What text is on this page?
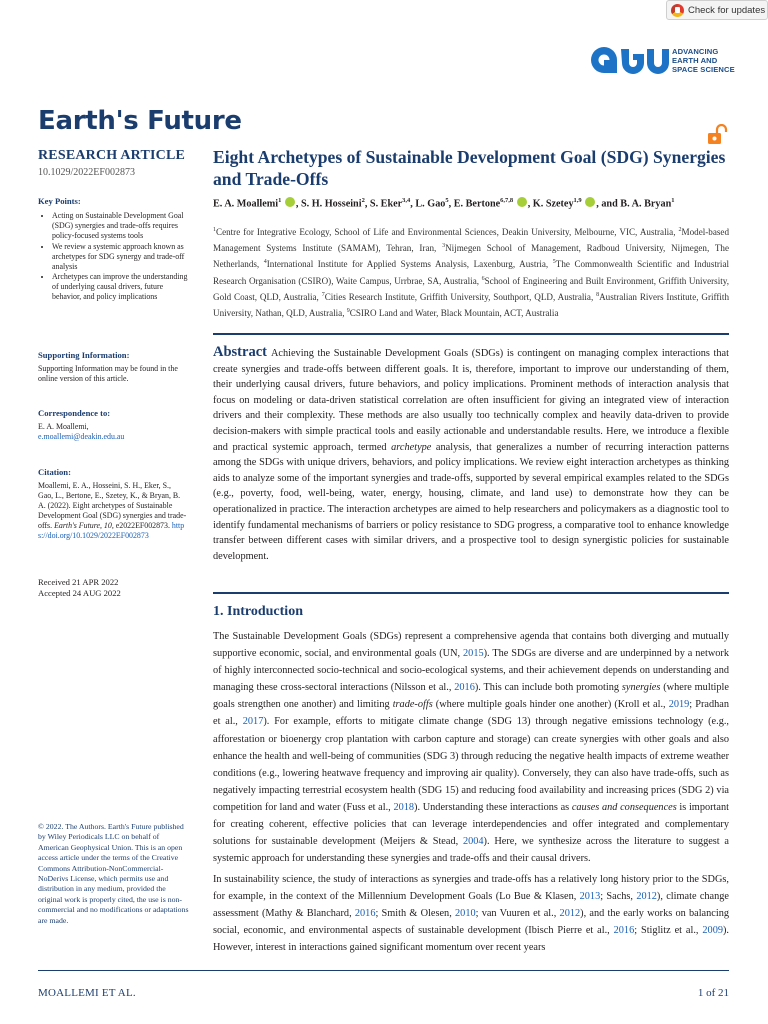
Check for updates
ADVANCING
EARTH AND
SPACE SCIENCE
Earth's Future
RESEARCH ARTICLE
10.1029/2022EF002873
Key Points:
• Acting on Sustainable Development Goal (SDG) synergies and trade-offs requires policy-focused systems tools
• We review a systemic approach known as archetypes for SDG synergy and trade-off analysis
• Archetypes can improve the understanding of underlying causal drivers, future behavior, and policy implications
Supporting Information:
Supporting Information may be found in the online version of this article.
Correspondence to:
E. A. Moallemi,
e.moallemi@deakin.edu.au
Citation:
Moallemi, E. A., Hosseini, S. H., Eker, S., Gao, L., Bertone, E., Szetey, K., & Bryan, B. A. (2022). Eight archetypes of Sustainable Development Goal (SDG) synergies and trade-offs. Earth's Future, 10, e2022EF002873. https://doi.org/10.1029/2022EF002873
Received 21 APR 2022
Accepted 24 AUG 2022
© 2022. The Authors. Earth's Future published by Wiley Periodicals LLC on behalf of American Geophysical Union. This is an open access article under the terms of the Creative Commons Attribution-NonCommercial-NoDerivs License, which permits use and distribution in any medium, provided the original work is properly cited, the use is non-commercial and no modifications or adaptations are made.
Eight Archetypes of Sustainable Development Goal (SDG) Synergies and Trade-Offs
E. A. Moallemi$^1$ , S. H. Hosseini$^2$, S. Eker$^{3,4}$, L. Gao$^5$, E. Bertone$^{6,7,8}$ , K. Szetey$^{1,9}$ , and B. A. Bryan$^1$
$^1$Centre for Integrative Ecology, School of Life and Environmental Sciences, Deakin University, Melbourne, VIC, Australia, $^2$Model-based Management Systems Institute (SAMAM), Tehran, Iran, $^3$Nijmegen School of Management, Radboud University, Nijmegen, The Netherlands, $^4$International Institute for Applied Systems Analysis, Laxenburg, Austria, $^5$The Commonwealth Scientific and Industrial Research Organisation (CSIRO), Waite Campus, Urrbrae, SA, Australia, $^6$School of Engineering and Built Environment, Griffith University, Gold Coast, QLD, Australia, $^7$Cities Research Institute, Griffith University, Southport, QLD, Australia, $^8$Australian Rivers Institute, Griffith University, Nathan, QLD, Australia, $^9$CSIRO Land and Water, Black Mountain, ACT, Australia
Abstract Achieving the Sustainable Development Goals (SDGs) is contingent on managing complex interactions that create synergies and trade-offs between different goals. It is, therefore, important to improve our understanding of them, their underlying causal drivers, future behaviors, and policy implications. Prominent methods of interaction analysis that focus on modeling or data-driven statistical correlation are often insufficient for giving an integrated view of interaction drivers and their complexity. These methods are also usually too technically complex and heavily data-driven to provide decision-makers with simple practical tools and easily actionable and understandable results. Here, we introduce a flexible and practical systemic approach, termed archetype analysis, that generalizes a number of recurring interaction patterns among the SDGs with unique drivers, behaviors, and policy implications. We review eight interaction archetypes as thinking aids to analyze some of the important synergies and trade-offs, supported by several empirical examples related to the SDGs (e.g., poverty, food, well-being, water, energy, housing, climate, and land use) to demonstrate how they can be operationalized in practice. The interaction archetypes are aimed to help researchers and policymakers as a diagnostic tool to identify fundamental mechanisms of barriers or policy resistance to SDG progress, a comparative tool to enhance knowledge transfer between different cases with similar drivers, and a prospective tool to design synergistic policies for sustainable development.
1. Introduction
The Sustainable Development Goals (SDGs) represent a comprehensive agenda that contains both diverging and mutually supportive economic, social, and environmental goals (UN, 2015). The SDGs are diverse and are underpinned by a network of highly interconnected socio-technical and socio-ecological systems, and their achievement depends on understanding and managing these cross-sectoral interactions (Nilsson et al., 2016). This can include both promoting synergies (where multiple goals strengthen one another) and limiting trade-offs (where multiple goals hinder one another) (Kroll et al., 2019; Pradhan et al., 2017). For example, efforts to mitigate climate change (SDG 13) through negative emissions technology (e.g., afforestation or bioenergy crop plantation with carbon capture and storage) can create synergies with other goals and also enhance the health and well-being of communities (SDG 3) through reducing the negative health impacts of extreme weather conditions (e.g., lowering heatwave frequency and improving air quality). Conversely, they can also have trade-offs, such as negatively impacting terrestrial ecosystem health (SDG 15) and reducing food availability and increasing prices (SDG 2) via competition for land and water (Fuss et al., 2018). Understanding these interactions as causes and consequences is important for creating coherent, effective policies that can leverage interdependencies and offer integrated and complementary solutions for sustainable development (Meijers & Stead, 2004). Here, we synthesize across the literature to suggest a systemic approach for understanding these synergies and trade-offs and their causal drivers.
In sustainability science, the study of interactions as synergies and trade-offs has a relatively long history prior to the SDGs, for example, in the context of the Millennium Development Goals (Lo Bue & Klasen, 2013; Sachs, 2012), climate change assessment (Mathy & Blanchard, 2016; Smith & Olesen, 2010; van Vuuren et al., 2012), and the early works on balancing social, economic, and environmental aspects of sustainable development (Ibisch Pierre et al., 2016; Stiglitz et al., 2009). However, interest in interactions gained significant momentum over recent years
MOALLEMI ET AL.	1 of 21
